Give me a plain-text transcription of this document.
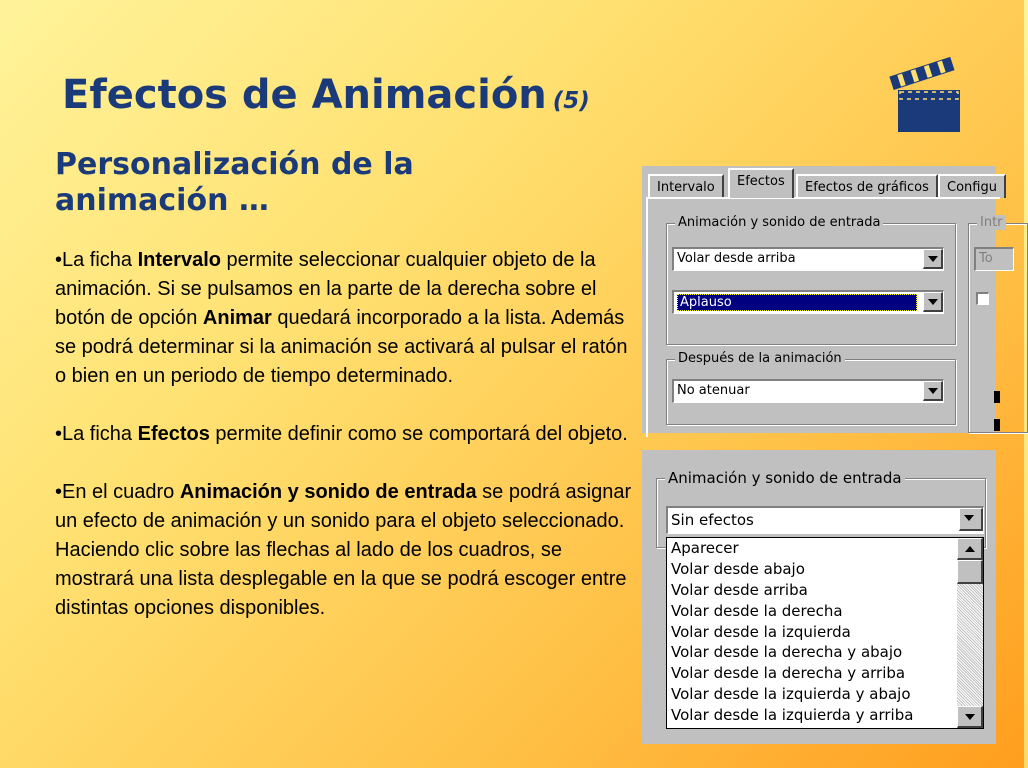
Efectos de Animación (5)
Personalización de la animación …

•La ficha Intervalo permite seleccionar cualquier objeto de la animación. Si se pulsamos en la parte de la derecha sobre el botón de opción Animar quedará incorporado a la lista. Además se podrá determinar si la animación se activará al pulsar el ratón o bien en un periodo de tiempo determinado.

•La ficha Efectos permite definir como se comportará del objeto.

•En el cuadro Animación y sonido de entrada se podrá asignar un efecto de animación y un sonido para el objeto seleccionado. Haciendo clic sobre las flechas al lado de los cuadros, se mostrará una lista desplegable en la que se podrá escoger entre distintas opciones disponibles.

Intervalo	Efectos	Efectos de gráficos	Configu
Animación y sonido de entrada
Volar desde arriba
Aplauso
Después de la animación
No atenuar
Intr
To
Animación y sonido de entrada
Sin efectos
Aparecer
Volar desde abajo
Volar desde arriba
Volar desde la derecha
Volar desde la izquierda
Volar desde la derecha y abajo
Volar desde la derecha y arriba
Volar desde la izquierda y abajo
Volar desde la izquierda y arriba
